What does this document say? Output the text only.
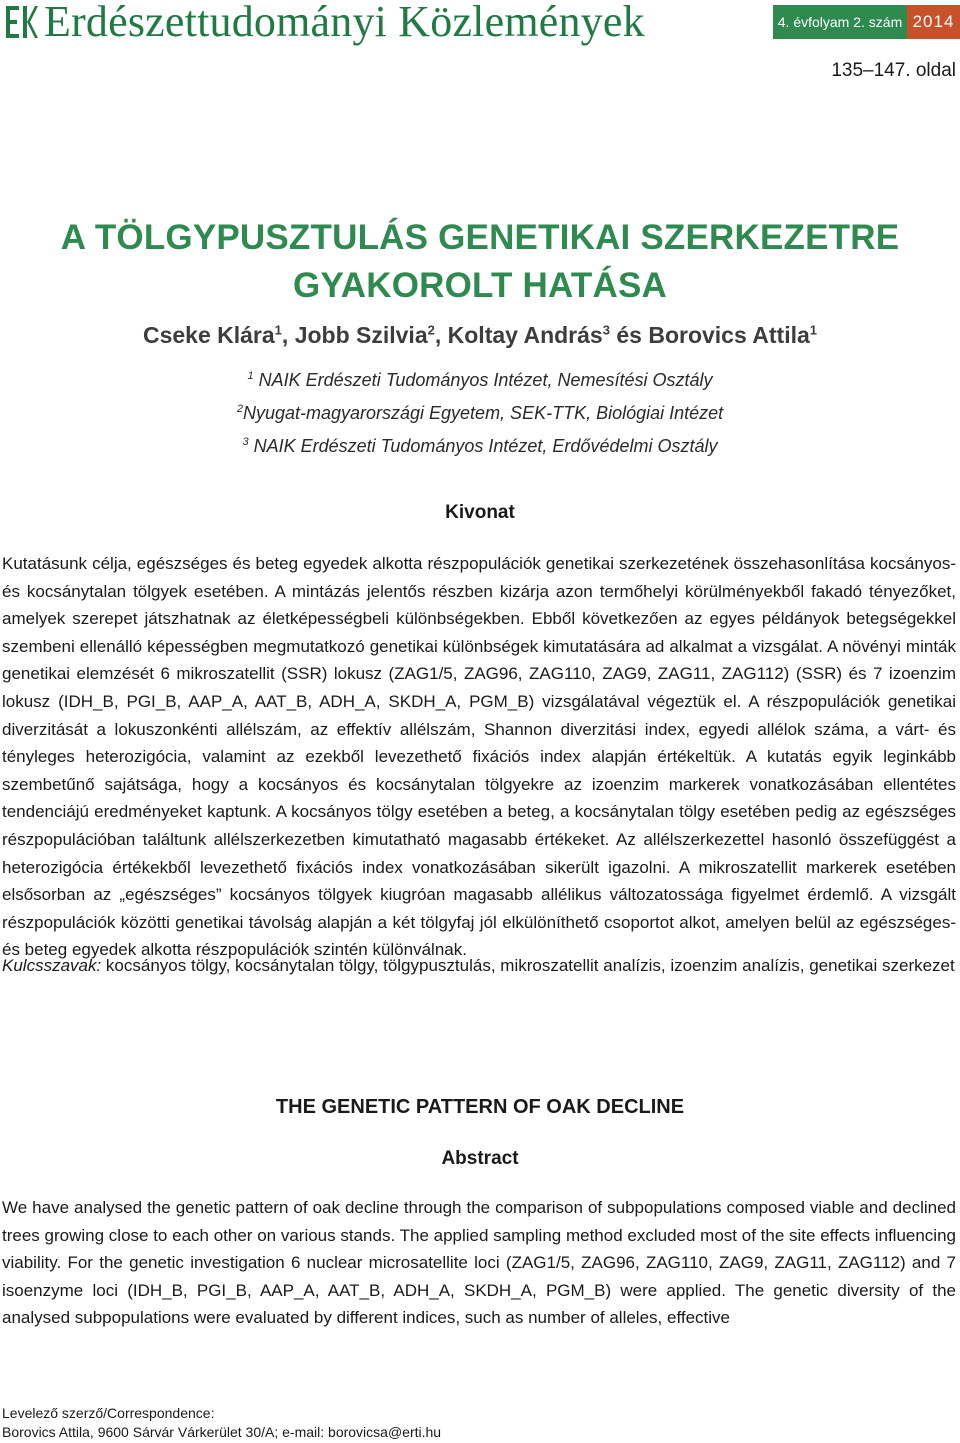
Erdészettudományi Közlemények	4. évfolyam 2. szám 2014
135–147. oldal
A TÖLGYPUSZTULÁS GENETIKAI SZERKEZETRE
GYAKOROLT HATÁSA
Cseke Klára$^1$, Jobb Szilvia$^2$, Koltay András$^3$ és Borovics Attila$^1$
$^1$ NAIK Erdészeti Tudományos Intézet, Nemesítési Osztály
$^2$Nyugat-magyarországi Egyetem, SEK-TTK, Biológiai Intézet
$^3$ NAIK Erdészeti Tudományos Intézet, Erdővédelmi Osztály
Kivonat
Kutatásunk célja, egészséges és beteg egyedek alkotta részpopulációk genetikai szerkezetének összehasonlítása kocsányos- és kocsánytalan tölgyek esetében. A mintázás jelentős részben kizárja azon termőhelyi körülményekből fakadó tényezőket, amelyek szerepet játszhatnak az életképességbeli különbségekben. Ebből következően az egyes példányok betegségekkel szembeni ellenálló képességben megmutatkozó genetikai különbségek kimutatására ad alkalmat a vizsgálat. A növényi minták genetikai elemzését 6 mikroszatellit (SSR) lokusz (ZAG1/5, ZAG96, ZAG110, ZAG9, ZAG11, ZAG112) (SSR) és 7 izoenzim lokusz (IDH_B, PGI_B, AAP_A, AAT_B, ADH_A, SKDH_A, PGM_B) vizsgálatával végeztük el. A részpopulációk genetikai diverzitását a lokuszonkénti allélszám, az effektív allélszám, Shannon diverzitási index, egyedi allélok száma, a várt- és tényleges heterozigócia, valamint az ezekből levezethető fixációs index alapján értékeltük. A kutatás egyik leginkább szembetűnő sajátsága, hogy a kocsányos és kocsánytalan tölgyekre az izoenzim markerek vonatkozásában ellentétes tendenciájú eredményeket kaptunk. A kocsányos tölgy esetében a beteg, a kocsánytalan tölgy esetében pedig az egészséges részpopulációban találtunk allélszerkezetben kimutatható magasabb értékeket. Az allélszerkezettel hasonló összefüggést a heterozigócia értékekből levezethető fixációs index vonatkozásában sikerült igazolni. A mikroszatellit markerek esetében elsősorban az „egészséges” kocsányos tölgyek kiugróan magasabb allélikus változatossága figyelmet érdemlő. A vizsgált részpopulációk közötti genetikai távolság alapján a két tölgyfaj jól elkülöníthető csoportot alkot, amelyen belül az egészséges- és beteg egyedek alkotta részpopulációk szintén különválnak.
Kulcsszavak: kocsányos tölgy, kocsánytalan tölgy, tölgypusztulás, mikroszatellit analízis, izoenzim analízis, genetikai szerkezet
THE GENETIC PATTERN OF OAK DECLINE
Abstract
We have analysed the genetic pattern of oak decline through the comparison of subpopulations composed viable and declined trees growing close to each other on various stands. The applied sampling method excluded most of the site effects influencing viability. For the genetic investigation 6 nuclear microsatellite loci (ZAG1/5, ZAG96, ZAG110, ZAG9, ZAG11, ZAG112) and 7 isoenzyme loci (IDH_B, PGI_B, AAP_A, AAT_B, ADH_A, SKDH_A, PGM_B) were applied. The genetic diversity of the analysed subpopulations were evaluated by different indices, such as number of alleles, effective
Levelező szerző/Correspondence:
Borovics Attila, 9600 Sárvár Várkerület 30/A; e-mail: borovicsa@erti.hu
